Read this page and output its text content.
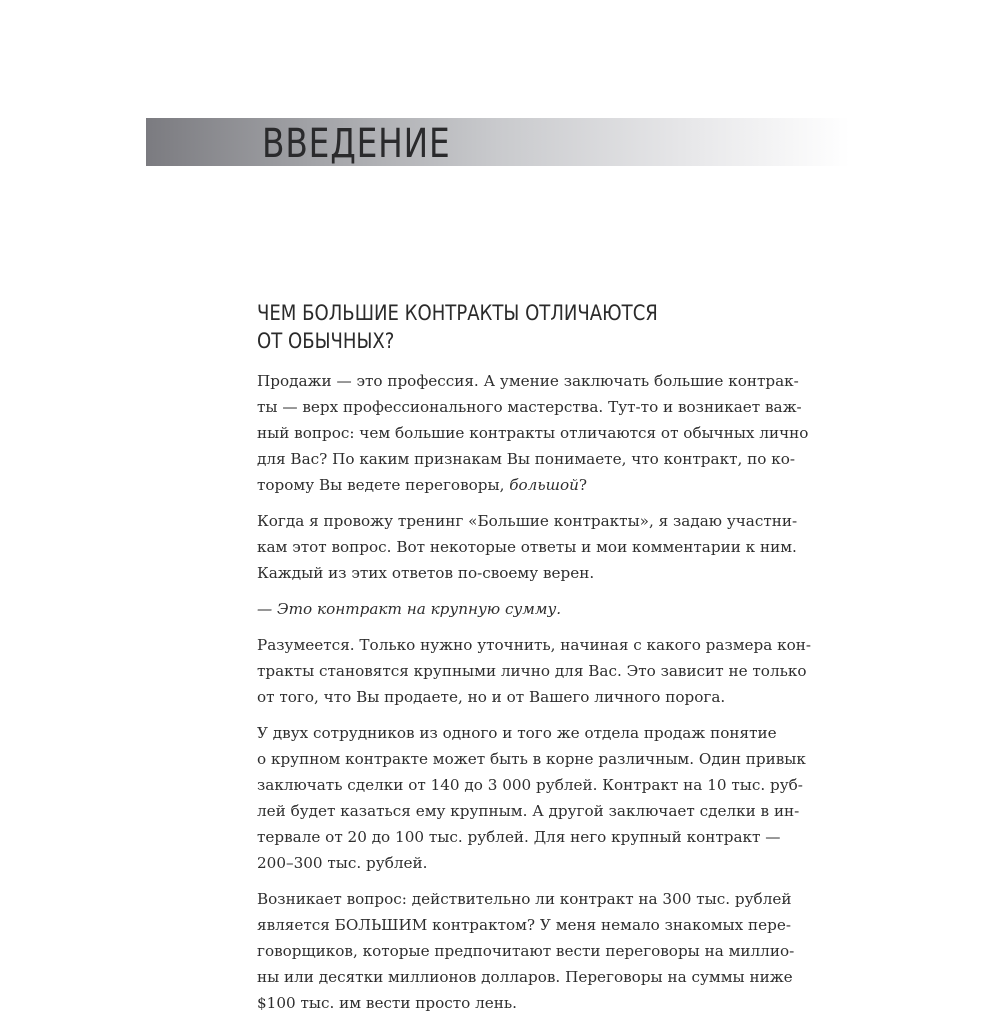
ВВЕДЕНИЕ
ЧЕМ БОЛЬШИЕ КОНТРАКТЫ ОТЛИЧАЮТСЯ
ОТ ОБЫЧНЫХ?
Продажи — это профессия. А умение заключать большие контрак-
ты — верх профессионального мастерства. Тут-то и возникает важ-
ный вопрос: чем большие контракты отличаются от обычных лично
для Вас? По каким признакам Вы понимаете, что контракт, по ко-
торому Вы ведете переговоры, большой?
Когда я провожу тренинг «Большие контракты», я задаю участни-
кам этот вопрос. Вот некоторые ответы и мои комментарии к ним.
Каждый из этих ответов по-своему верен.
— Это контракт на крупную сумму.
Разумеется. Только нужно уточнить, начиная с какого размера кон-
тракты становятся крупными лично для Вас. Это зависит не только
от того, что Вы продаете, но и от Вашего личного порога.
У двух сотрудников из одного и того же отдела продаж понятие
о крупном контракте может быть в корне различным. Один привык
заключать сделки от 140 до 3 000 рублей. Контракт на 10 тыс. руб-
лей будет казаться ему крупным. А другой заключает сделки в ин-
тервале от 20 до 100 тыс. рублей. Для него крупный контракт —
200–300 тыс. рублей.
Возникает вопрос: действительно ли контракт на 300 тыс. рублей
является БОЛЬШИМ контрактом? У меня немало знакомых пере-
говорщиков, которые предпочитают вести переговоры на миллио-
ны или десятки миллионов долларов. Переговоры на суммы ниже
$100 тыс. им вести просто лень.
